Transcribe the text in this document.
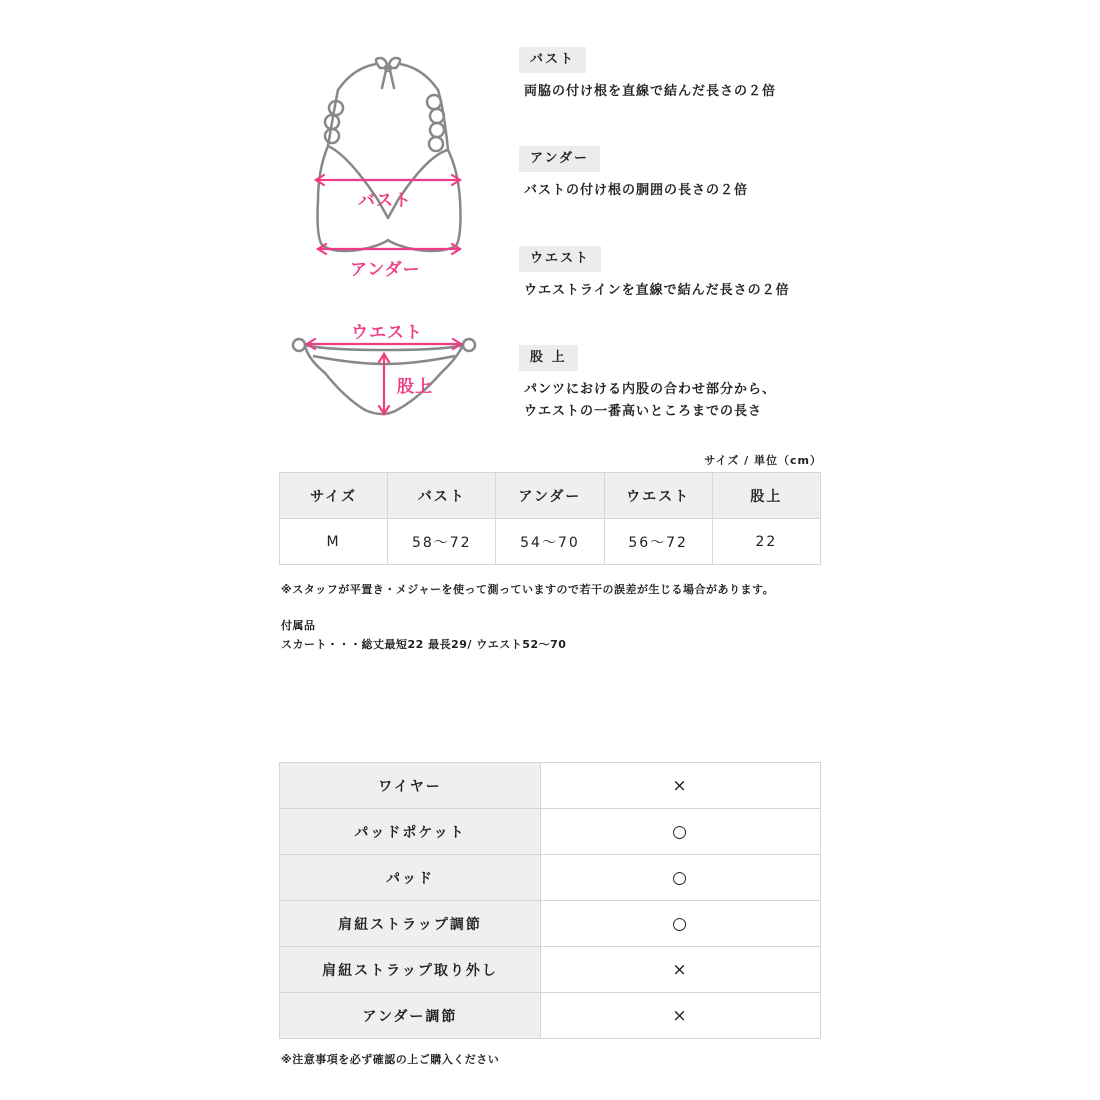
バスト
アンダー
ウエスト
股上
バスト
両脇の付け根を直線で結んだ長さの２倍
アンダー
バストの付け根の胴囲の長さの２倍
ウエスト
ウエストラインを直線で結んだ長さの２倍
股 上
パンツにおける内股の合わせ部分から、
ウエストの一番高いところまでの長さ
サイズ / 単位（cm）
サイズ	バスト	アンダー	ウエスト	股上
M	58〜72	54〜70	56〜72	22
※スタッフが平置き・メジャーを使って測っていますので若干の誤差が生じる場合があります。
付属品
スカート・・・総丈最短22 最長29/ ウエスト52〜70
ワイヤー	×
パッドポケット	○
パッド	○
肩紐ストラップ調節	○
肩紐ストラップ取り外し	×
アンダー調節	×
※注意事項を必ず確認の上ご購入ください
